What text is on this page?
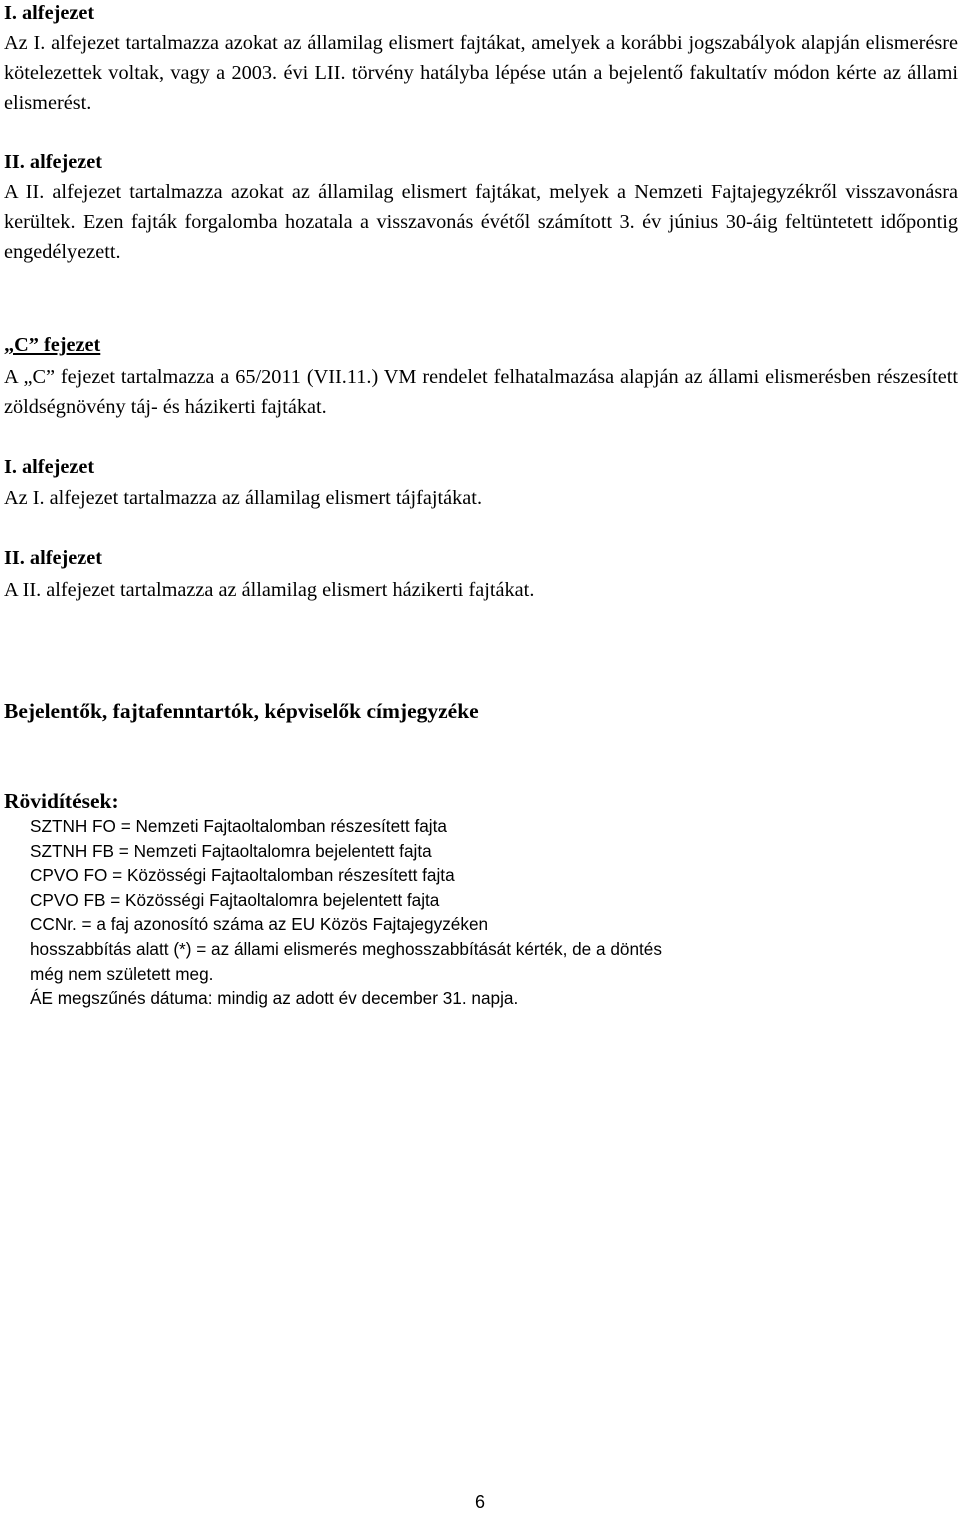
I. alfejezet
Az I. alfejezet tartalmazza azokat az államilag elismert fajtákat, amelyek a korábbi jogszabályok alapján elismerésre kötelezettek voltak, vagy a 2003. évi LII. törvény hatályba lépése után a bejelentő fakultatív módon kérte az állami elismerést.
II. alfejezet
A II. alfejezet tartalmazza azokat az államilag elismert fajtákat, melyek a Nemzeti Fajtajegyzékről visszavonásra kerültek. Ezen fajták forgalomba hozatala a visszavonás évétől számított 3. év június 30-áig feltüntetett időpontig engedélyezett.
„C” fejezet
A „C” fejezet tartalmazza a 65/2011 (VII.11.) VM rendelet felhatalmazása alapján az állami elismerésben részesített zöldségnövény táj- és házikerti fajtákat.
I. alfejezet
Az I. alfejezet tartalmazza az államilag elismert tájfajtákat.
II. alfejezet
A II. alfejezet tartalmazza az államilag elismert házikerti fajtákat.
Bejelentők, fajtafenntartók, képviselők címjegyzéke
Rövidítések:
SZTNH FO = Nemzeti Fajtaoltalomban részesített fajta
SZTNH FB = Nemzeti Fajtaoltalomra bejelentett fajta
CPVO FO = Közösségi Fajtaoltalomban részesített fajta
CPVO FB = Közösségi Fajtaoltalomra bejelentett fajta
CCNr. = a faj azonosító száma az EU Közös Fajtajegyzéken
hosszabbítás alatt (*) = az állami elismerés meghosszabbítását kérték, de a döntés
még nem született meg.
ÁE megszűnés dátuma: mindig az adott év december 31. napja.
6
